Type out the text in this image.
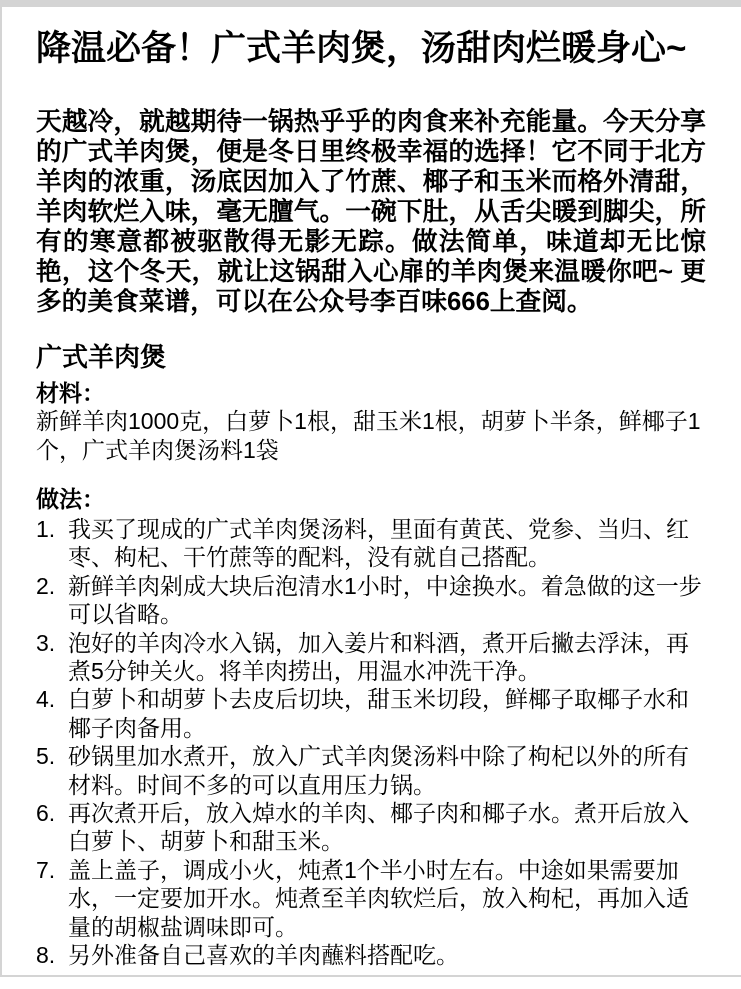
降温必备！广式羊肉煲，汤甜肉烂暖身心~

天越冷，就越期待一锅热乎乎的肉食来补充能量。今天分享的广式羊肉煲，便是冬日里终极幸福的选择！它不同于北方羊肉的浓重，汤底因加入了竹蔗、椰子和玉米而格外清甜，羊肉软烂入味，毫无膻气。一碗下肚，从舌尖暖到脚尖，所有的寒意都被驱散得无影无踪。做法简单，味道却无比惊艳，这个冬天，就让这锅甜入心扉的羊肉煲来温暖你吧~ 更多的美食菜谱，可以在公众号李百味666上查阅。

广式羊肉煲
材料：

新鲜羊肉1000克，白萝卜1根，甜玉米1根，胡萝卜半条，鲜椰子1个，广式羊肉煲汤料1袋

做法：
1. 我买了现成的广式羊肉煲汤料，里面有黄芪、党参、当归、红枣、枸杞、干竹蔗等的配料，没有就自己搭配。
2. 新鲜羊肉剁成大块后泡清水1小时，中途换水。着急做的这一步可以省略。
3. 泡好的羊肉冷水入锅，加入姜片和料酒，煮开后撇去浮沫，再煮5分钟关火。将羊肉捞出，用温水冲洗干净。
4. 白萝卜和胡萝卜去皮后切块，甜玉米切段，鲜椰子取椰子水和椰子肉备用。
5. 砂锅里加水煮开，放入广式羊肉煲汤料中除了枸杞以外的所有材料。时间不多的可以直用压力锅。
6. 再次煮开后，放入焯水的羊肉、椰子肉和椰子水。煮开后放入白萝卜、胡萝卜和甜玉米。
7. 盖上盖子，调成小火，炖煮1个半小时左右。中途如果需要加水，一定要加开水。炖煮至羊肉软烂后，放入枸杞，再加入适量的胡椒盐调味即可。
8. 另外准备自己喜欢的羊肉蘸料搭配吃。
